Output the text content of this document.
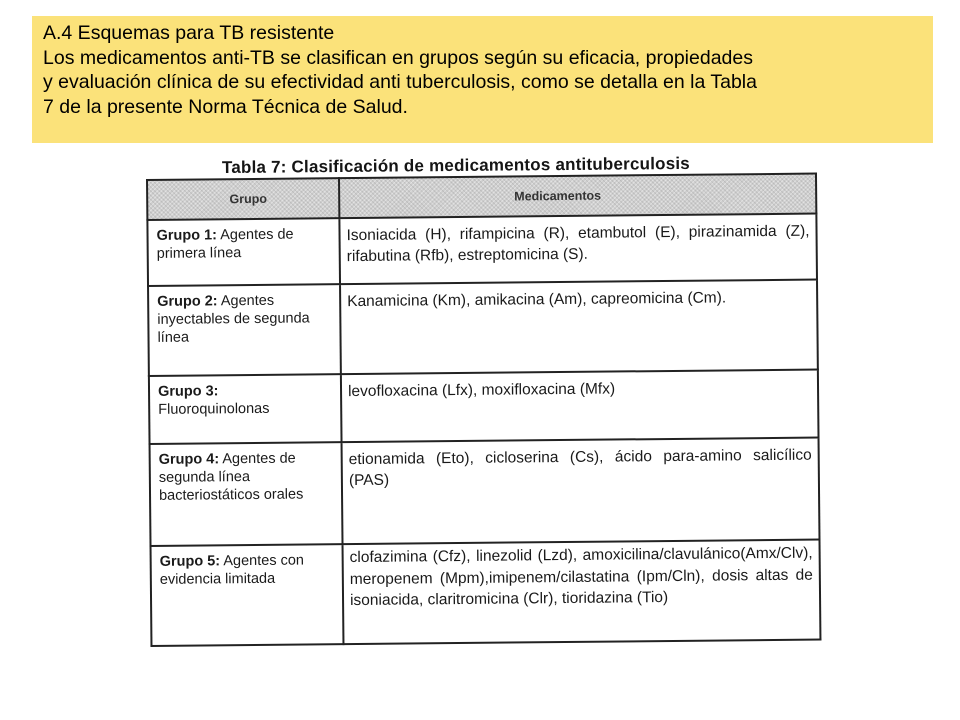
A.4 Esquemas para TB resistente
Los medicamentos anti-TB se clasifican en grupos según su eficacia, propiedades
y evaluación clínica de su efectividad anti tuberculosis, como se detalla en la Tabla
7 de la presente Norma Técnica de Salud.
Tabla 7: Clasificación de medicamentos antituberculosis
Grupo	Medicamentos
Grupo 1: Agentes de primera línea	Isoniacida (H), rifampicina (R), etambutol (E), pirazinamida (Z), rifabutina (Rfb), estreptomicina (S).
Grupo 2: Agentes inyectables de segunda línea	Kanamicina (Km), amikacina (Am), capreomicina (Cm).
Grupo 3:
Fluoroquinolonas	levofloxacina (Lfx), moxifloxacina (Mfx)
Grupo 4: Agentes de segunda línea bacteriostáticos orales	etionamida (Eto), cicloserina (Cs), ácido para-amino salicílico (PAS)
Grupo 5: Agentes con evidencia limitada	clofazimina (Cfz), linezolid (Lzd), amoxicilina/clavulánico(Amx/Clv), meropenem (Mpm),imipenem/cilastatina (Ipm/Cln), dosis altas de isoniacida, claritromicina (Clr), tioridazina (Tio)
